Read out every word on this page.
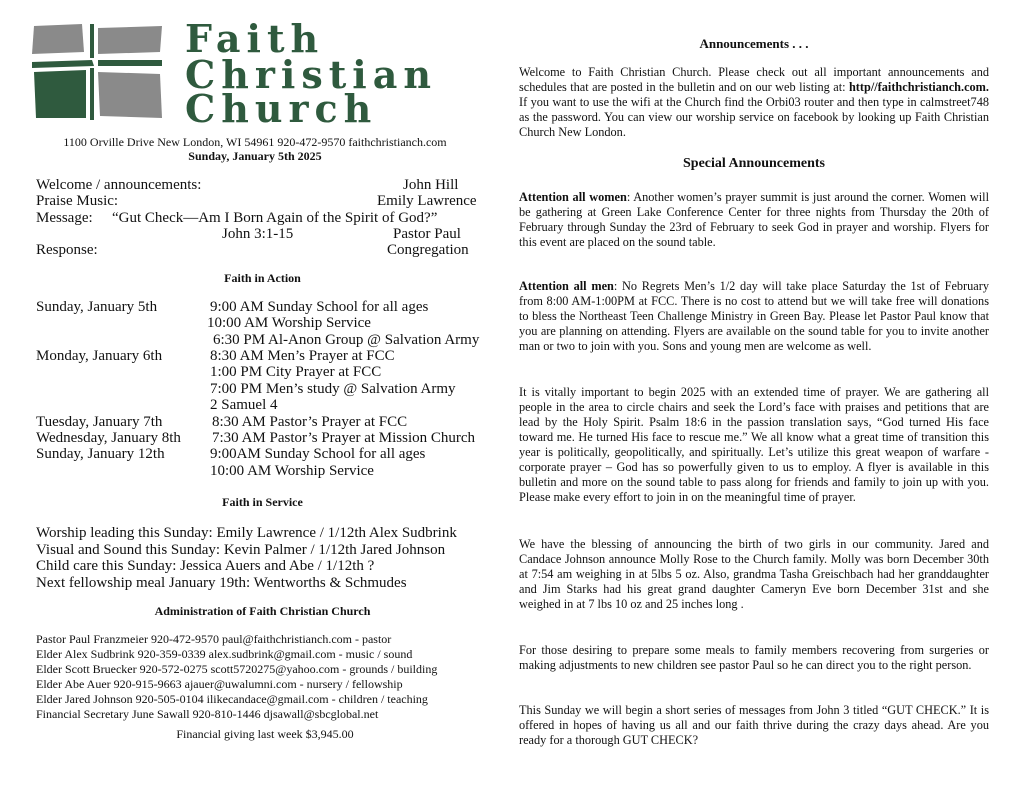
Faith
Christian
Church
1100 Orville Drive New London, WI 54961 920-472-9570 faithchristianch.com
Sunday, January 5th 2025
Welcome / announcements:	John Hill
Praise Music:	Emily Lawrence
Message: “Gut Check—Am I Born Again of the Spirit of God?”
John 3:1-15	Pastor Paul
Response:	Congregation
Faith in Action
Sunday, January 5th	9:00 AM Sunday School for all ages
10:00 AM Worship Service
6:30 PM Al-Anon Group @ Salvation Army
Monday, January 6th	8:30 AM Men’s Prayer at FCC
1:00 PM City Prayer at FCC
7:00 PM Men’s study @ Salvation Army
2 Samuel 4
Tuesday, January 7th	8:30 AM Pastor’s Prayer at FCC
Wednesday, January 8th 7:30 AM Pastor’s Prayer at Mission Church
Sunday, January 12th	9:00AM Sunday School for all ages
10:00 AM Worship Service
Faith in Service
Worship leading this Sunday: Emily Lawrence / 1/12th Alex Sudbrink
Visual and Sound this Sunday: Kevin Palmer / 1/12th Jared Johnson
Child care this Sunday: Jessica Auers and Abe / 1/12th ?
Next fellowship meal January 19th: Wentworths & Schmudes
Administration of Faith Christian Church
Pastor Paul Franzmeier 920-472-9570 paul@faithchristianch.com - pastor
Elder Alex Sudbrink 920-359-0339 alex.sudbrink@gmail.com - music / sound
Elder Scott Bruecker 920-572-0275 scott5720275@yahoo.com - grounds / building
Elder Abe Auer 920-915-9663 ajauer@uwalumni.com - nursery / fellowship
Elder Jared Johnson 920-505-0104 ilikecandace@gmail.com - children / teaching
Financial Secretary June Sawall 920-810-1446 djsawall@sbcglobal.net
Financial giving last week $3,945.00
Announcements . . .

Welcome to Faith Christian Church. Please check out all important announcements and schedules that are posted in the bulletin and on our web listing at: http//faithchristianch.com. If you want to use the wifi at the Church find the Orbi03 router and then type in calmstreet748 as the password. You can view our worship service on facebook by looking up Faith Christian Church New London.

Special Announcements

Attention all women: Another women’s prayer summit is just around the corner. Women will be gathering at Green Lake Conference Center for three nights from Thursday the 20th of February through Sunday the 23rd of February to seek God in prayer and worship. Flyers for this event are placed on the sound table.

Attention all men: No Regrets Men’s 1/2 day will take place Saturday the 1st of February from 8:00 AM-1:00PM at FCC. There is no cost to attend but we will take free will donations to bless the Northeast Teen Challenge Ministry in Green Bay. Please let Pastor Paul know that you are planning on attending. Flyers are available on the sound table for you to invite another man or two to join with you. Sons and young men are welcome as well.

It is vitally important to begin 2025 with an extended time of prayer. We are gathering all people in the area to circle chairs and seek the Lord’s face with praises and petitions that are lead by the Holy Spirit. Psalm 18:6 in the passion translation says, “God turned His face toward me. He turned His face to rescue me.” We all know what a great time of transition this year is politically, geopolitically, and spiritually. Let’s utilize this great weapon of warfare - corporate prayer – God has so powerfully given to us to employ. A flyer is available in this bulletin and more on the sound table to pass along for friends and family to join up with you. Please make every effort to join in on the meaningful time of prayer.

We have the blessing of announcing the birth of two girls in our community. Jared and Candace Johnson announce Molly Rose to the Church family. Molly was born December 30th at 7:54 am weighing in at 5lbs 5 oz. Also, grandma Tasha Greischbach had her granddaughter and Jim Starks had his great grand daughter Cameryn Eve born December 31st and she weighed in at 7 lbs 10 oz and 25 inches long .

For those desiring to prepare some meals to family members recovering from surgeries or making adjustments to new children see pastor Paul so he can direct you to the right person.

This Sunday we will begin a short series of messages from John 3 titled “GUT CHECK.” It is offered in hopes of having us all and our faith thrive during the crazy days ahead. Are you ready for a thorough GUT CHECK?
